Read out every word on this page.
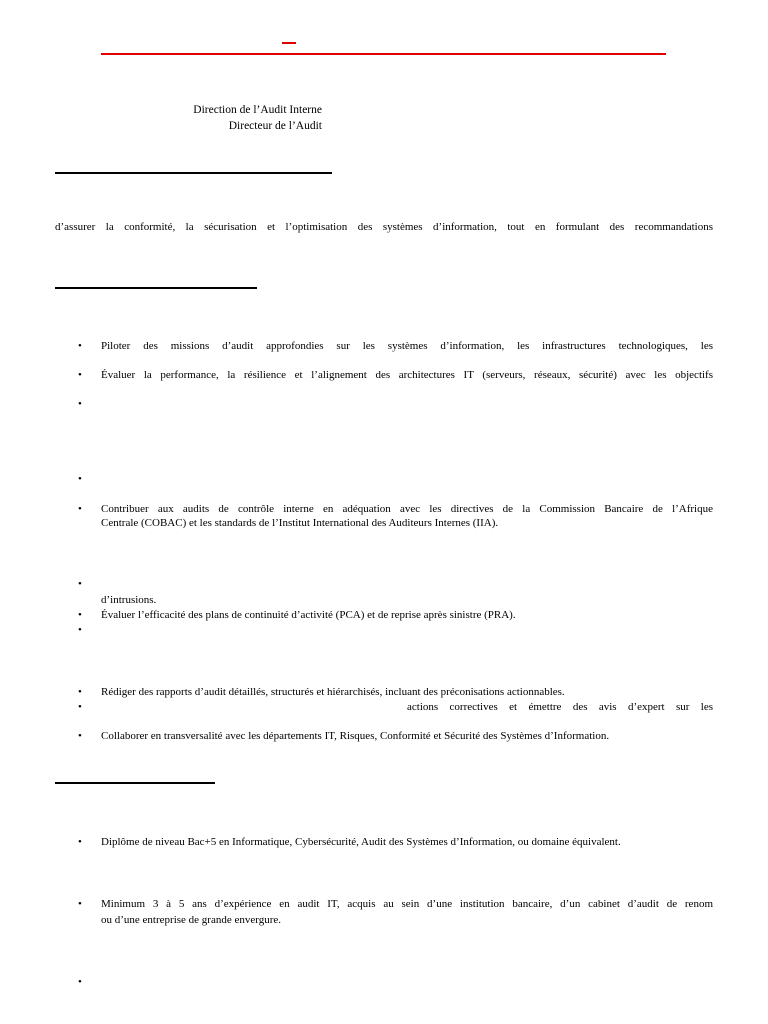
Direction de l’Audit Interne
Directeur de l’Audit
d’assurer la conformité, la sécurisation et l’optimisation des systèmes d’information, tout en formulant des recommandations
• Piloter des missions d’audit approfondies sur les systèmes d’information, les infrastructures technologiques, les
• Évaluer la performance, la résilience et l’alignement des architectures IT (serveurs, réseaux, sécurité) avec les objectifs
•
•
• Contribuer aux audits de contrôle interne en adéquation avec les directives de la Commission Bancaire de l’Afrique
Centrale (COBAC) et les standards de l’Institut International des Auditeurs Internes (IIA).
•
d’intrusions.
• Évaluer l’efficacité des plans de continuité d’activité (PCA) et de reprise après sinistre (PRA).
•
• Rédiger des rapports d’audit détaillés, structurés et hiérarchisés, incluant des préconisations actionnables.
•	actions correctives et émettre des avis d’expert sur les
• Collaborer en transversalité avec les départements IT, Risques, Conformité et Sécurité des Systèmes d’Information.
• Diplôme de niveau Bac+5 en Informatique, Cybersécurité, Audit des Systèmes d’Information, ou domaine équivalent.
• Minimum 3 à 5 ans d’expérience en audit IT, acquis au sein d’une institution bancaire, d’un cabinet d’audit de renom
ou d’une entreprise de grande envergure.
•
